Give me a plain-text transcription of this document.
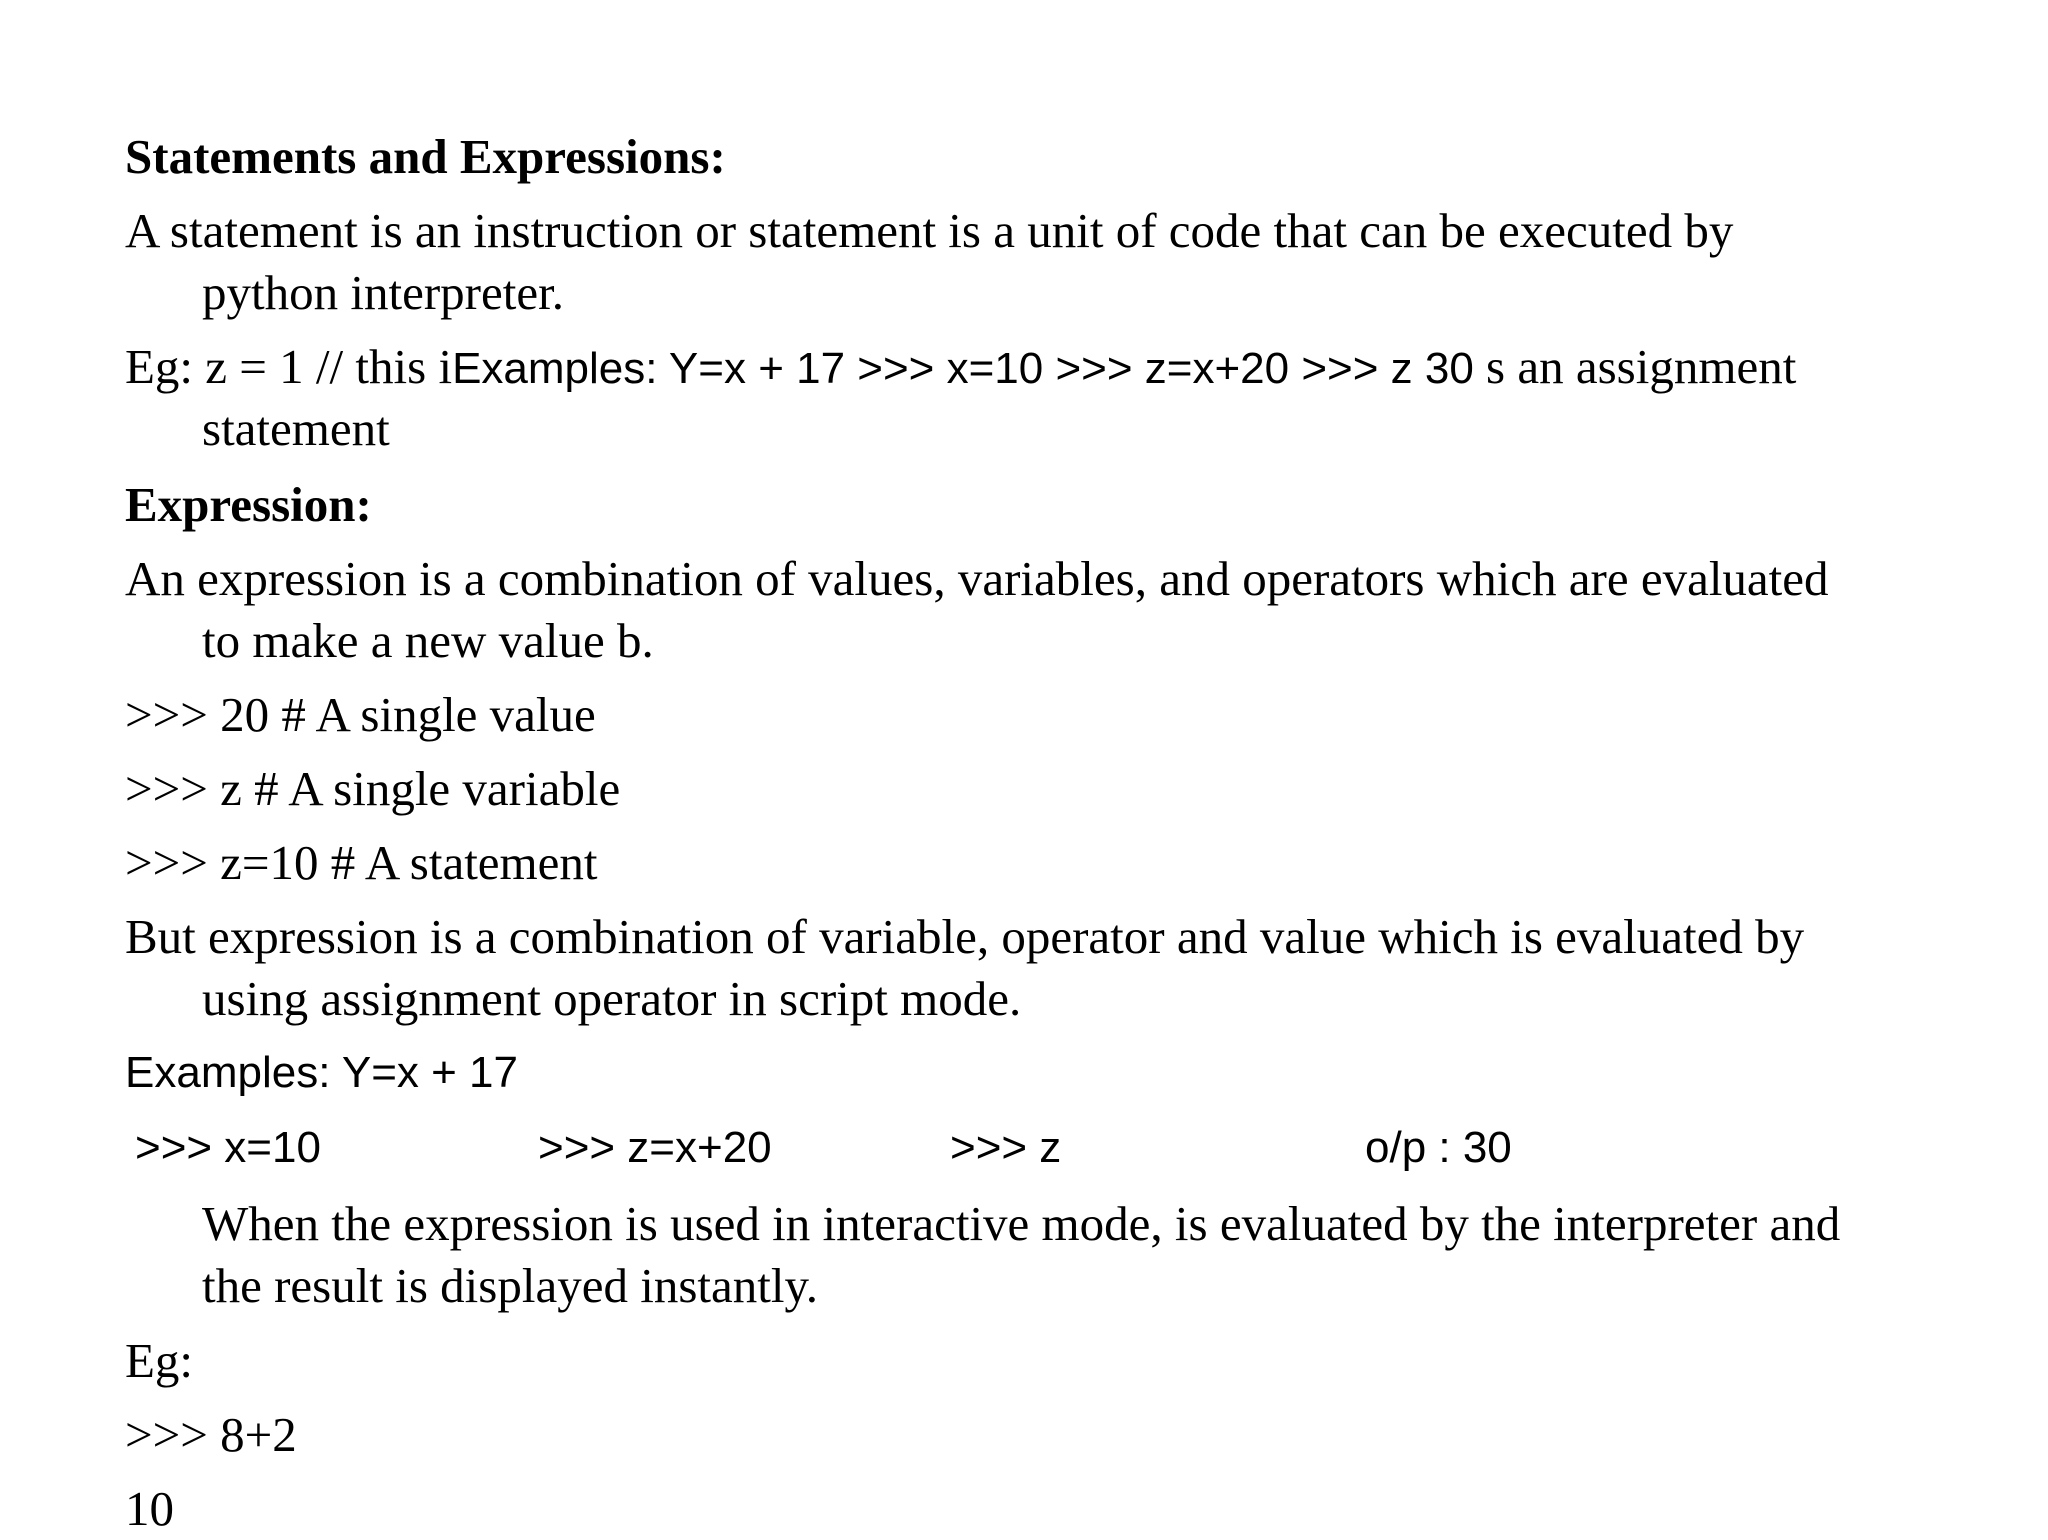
Statements and Expressions:
A statement is an instruction or statement is a unit of code that can be executed by
python interpreter.
Eg: z = 1 // this iExamples: Y=x + 17 >>> x=10 >>> z=x+20 >>> z 30 s an assignment
statement
Expression:
An expression is a combination of values, variables, and operators which are evaluated
to make a new value b.
>>> 20 # A single value
>>> z # A single variable
>>> z=10 # A statement
But expression is a combination of variable, operator and value which is evaluated by
using assignment operator in script mode.
Examples: Y=x + 17
>>> x=10	>>> z=x+20	>>> z	o/p : 30
When the expression is used in interactive mode, is evaluated by the interpreter and
the result is displayed instantly.
Eg:
>>> 8+2
10
